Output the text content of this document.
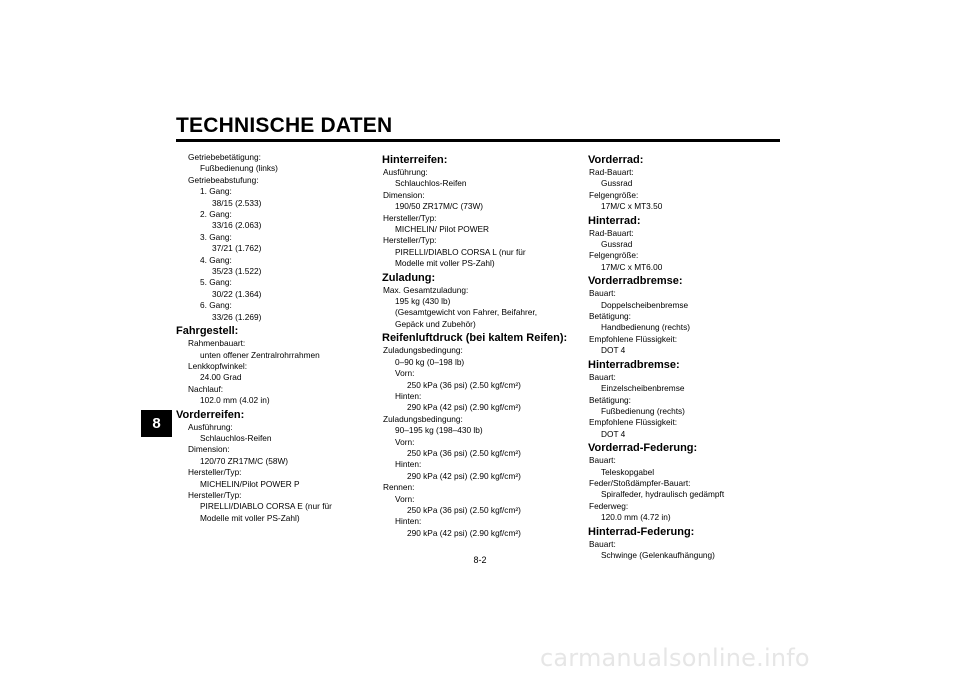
TECHNISCHE DATEN
8
Getriebebetätigung:
Fußbedienung (links)
Getriebeabstufung:
1. Gang:
38/15 (2.533)
2. Gang:
33/16 (2.063)
3. Gang:
37/21 (1.762)
4. Gang:
35/23 (1.522)
5. Gang:
30/22 (1.364)
6. Gang:
33/26 (1.269)
Fahrgestell:
Rahmenbauart:
unten offener Zentralrohrrahmen
Lenkkopfwinkel:
24.00 Grad
Nachlauf:
102.0 mm (4.02 in)
Vorderreifen:
Ausführung:
Schlauchlos-Reifen
Dimension:
120/70 ZR17M/C (58W)
Hersteller/Typ:
MICHELIN/Pilot POWER P
Hersteller/Typ:
PIRELLI/DIABLO CORSA E (nur für
Modelle mit voller PS-Zahl)
Hinterreifen:
Ausführung:
Schlauchlos-Reifen
Dimension:
190/50 ZR17M/C (73W)
Hersteller/Typ:
MICHELIN/ Pilot POWER
Hersteller/Typ:
PIRELLI/DIABLO CORSA L (nur für
Modelle mit voller PS-Zahl)
Zuladung:
Max. Gesamtzuladung:
195 kg (430 lb)
(Gesamtgewicht von Fahrer, Beifahrer,
Gepäck und Zubehör)
Reifenluftdruck (bei kaltem Reifen):
Zuladungsbedingung:
0–90 kg (0–198 lb)
Vorn:
250 kPa (36 psi) (2.50 kgf/cm²)
Hinten:
290 kPa (42 psi) (2.90 kgf/cm²)
Zuladungsbedingung:
90–195 kg (198–430 lb)
Vorn:
250 kPa (36 psi) (2.50 kgf/cm²)
Hinten:
290 kPa (42 psi) (2.90 kgf/cm²)
Rennen:
Vorn:
250 kPa (36 psi) (2.50 kgf/cm²)
Hinten:
290 kPa (42 psi) (2.90 kgf/cm²)
Vorderrad:
Rad-Bauart:
Gussrad
Felgengröße:
17M/C x MT3.50
Hinterrad:
Rad-Bauart:
Gussrad
Felgengröße:
17M/C x MT6.00
Vorderradbremse:
Bauart:
Doppelscheibenbremse
Betätigung:
Handbedienung (rechts)
Empfohlene Flüssigkeit:
DOT 4
Hinterradbremse:
Bauart:
Einzelscheibenbremse
Betätigung:
Fußbedienung (rechts)
Empfohlene Flüssigkeit:
DOT 4
Vorderrad-Federung:
Bauart:
Teleskopgabel
Feder/Stoßdämpfer-Bauart:
Spiralfeder, hydraulisch gedämpft
Federweg:
120.0 mm (4.72 in)
Hinterrad-Federung:
Bauart:
Schwinge (Gelenkaufhängung)
8-2
carmanualsonline.info
